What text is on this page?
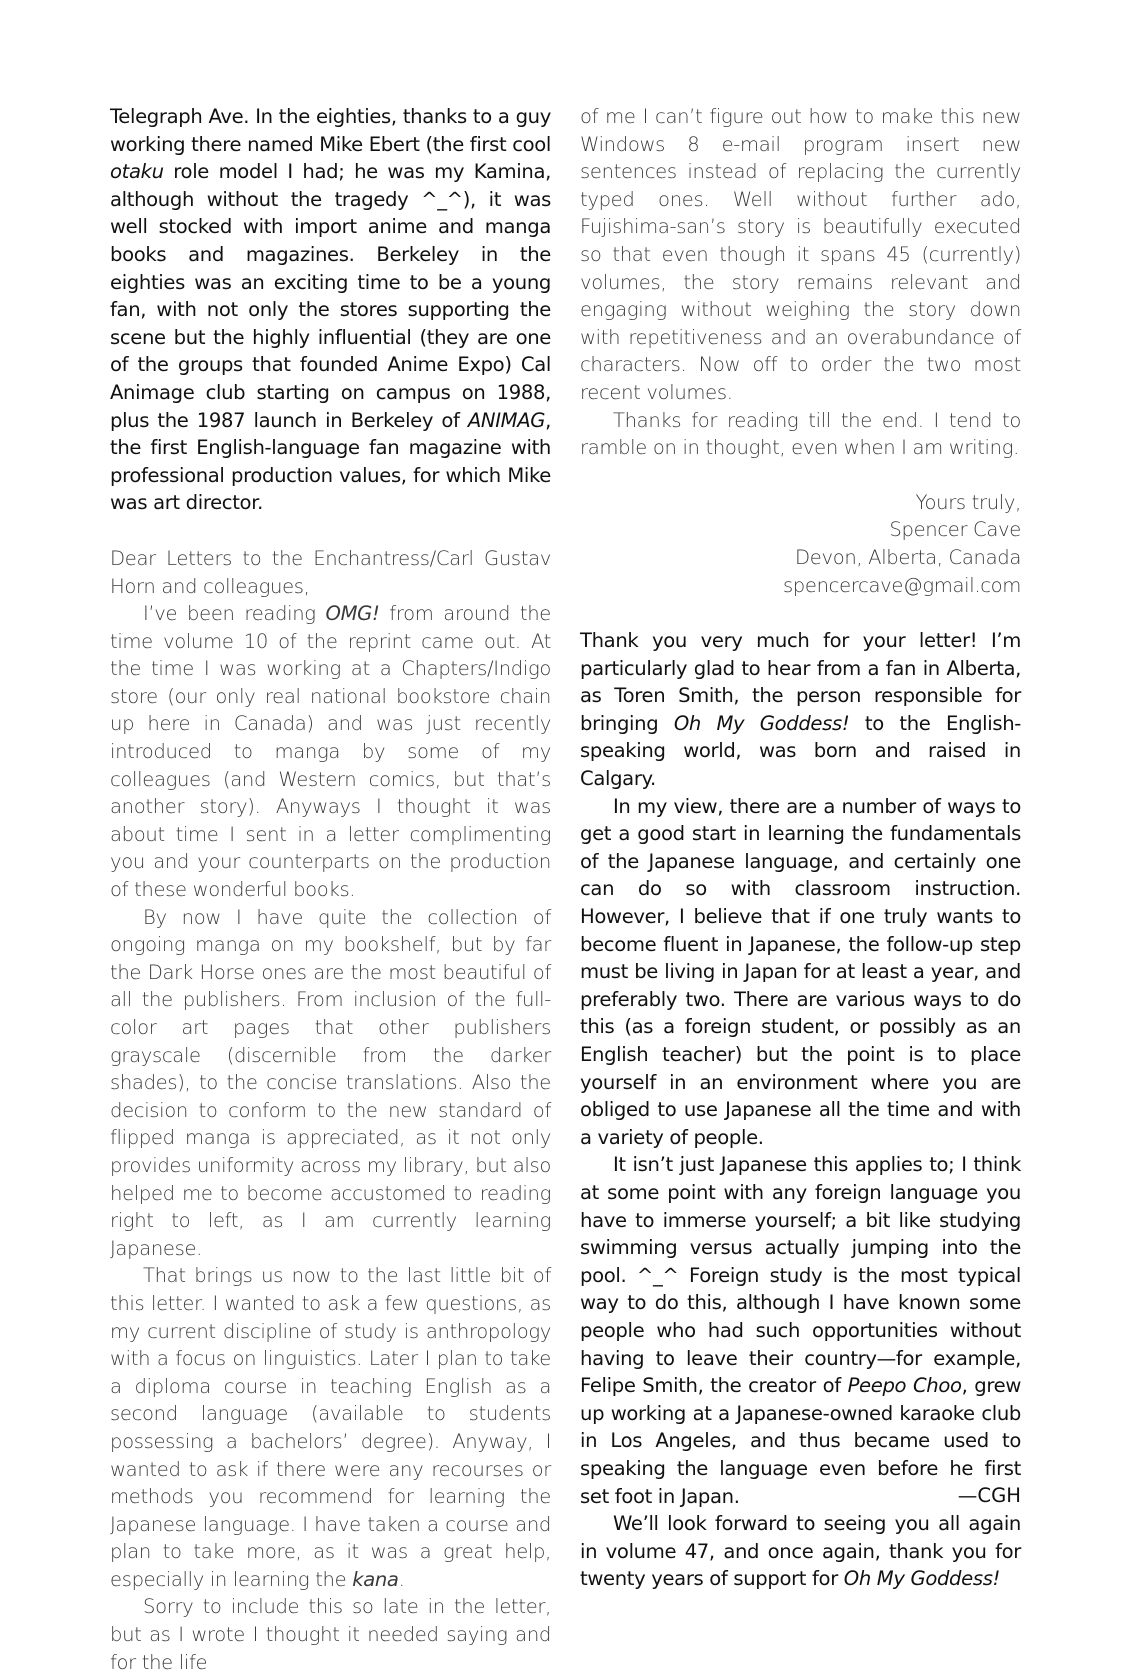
Telegraph Ave. In the eighties, thanks to a guy working there named Mike Ebert (the first cool otaku role model I had; he was my Kamina, although without the tragedy ^_^), it was well stocked with import anime and manga books and magazines. Berkeley in the eighties was an exciting time to be a young fan, with not only the stores supporting the scene but the highly influential (they are one of the groups that founded Anime Expo) Cal Animage club starting on campus on 1988, plus the 1987 launch in Berkeley of ANIMAG, the first English-language fan magazine with professional production values, for which Mike was art director.

Dear Letters to the Enchantress/Carl Gustav Horn and colleagues,

I’ve been reading OMG! from around the time volume 10 of the reprint came out. At the time I was working at a Chapters/Indigo store (our only real national bookstore chain up here in Canada) and was just recently introduced to manga by some of my colleagues (and Western comics, but that’s another story). Anyways I thought it was about time I sent in a letter complimenting you and your counterparts on the production of these wonderful books.

By now I have quite the collection of ongoing manga on my bookshelf, but by far the Dark Horse ones are the most beautiful of all the publishers. From inclusion of the full-color art pages that other publishers grayscale (discernible from the darker shades), to the concise translations. Also the decision to conform to the new standard of flipped manga is appreciated, as it not only provides uniformity across my library, but also helped me to become accustomed to reading right to left, as I am currently learning Japanese.

That brings us now to the last little bit of this letter. I wanted to ask a few questions, as my current discipline of study is anthropology with a focus on linguistics. Later I plan to take a diploma course in teaching English as a second language (available to students possessing a bachelors’ degree). Anyway, I wanted to ask if there were any recourses or methods you recommend for learning the Japanese language. I have taken a course and plan to take more, as it was a great help, especially in learning the kana.

Sorry to include this so late in the letter, but as I wrote I thought it needed saying and for the life

of me I can’t figure out how to make this new Windows 8 e-mail program insert new sentences instead of replacing the currently typed ones. Well without further ado, Fujishima-san’s story is beautifully executed so that even though it spans 45 (currently) volumes, the story remains relevant and engaging without weighing the story down with repetitiveness and an overabundance of characters. Now off to order the two most recent volumes.

Thanks for reading till the end. I tend to ramble on in thought, even when I am writing.

Yours truly,
Spencer Cave
Devon, Alberta, Canada
spencercave@gmail.com

Thank you very much for your letter! I’m particularly glad to hear from a fan in Alberta, as Toren Smith, the person responsible for bringing Oh My Goddess! to the English-speaking world, was born and raised in Calgary.

In my view, there are a number of ways to get a good start in learning the fundamentals of the Japanese language, and certainly one can do so with classroom instruction. However, I believe that if one truly wants to become fluent in Japanese, the follow-up step must be living in Japan for at least a year, and preferably two. There are various ways to do this (as a foreign student, or possibly as an English teacher) but the point is to place yourself in an environment where you are obliged to use Japanese all the time and with a variety of people.

It isn’t just Japanese this applies to; I think at some point with any foreign language you have to immerse yourself; a bit like studying swimming versus actually jumping into the pool. ^_^ Foreign study is the most typical way to do this, although I have known some people who had such opportunities without having to leave their country—for example, Felipe Smith, the creator of Peepo Choo, grew up working at a Japanese-owned karaoke club in Los Angeles, and thus became used to speaking the language even before he first set foot in Japan.

We’ll look forward to seeing you all again in volume 47, and once again, thank you for twenty years of support for Oh My Goddess!

—CGH
